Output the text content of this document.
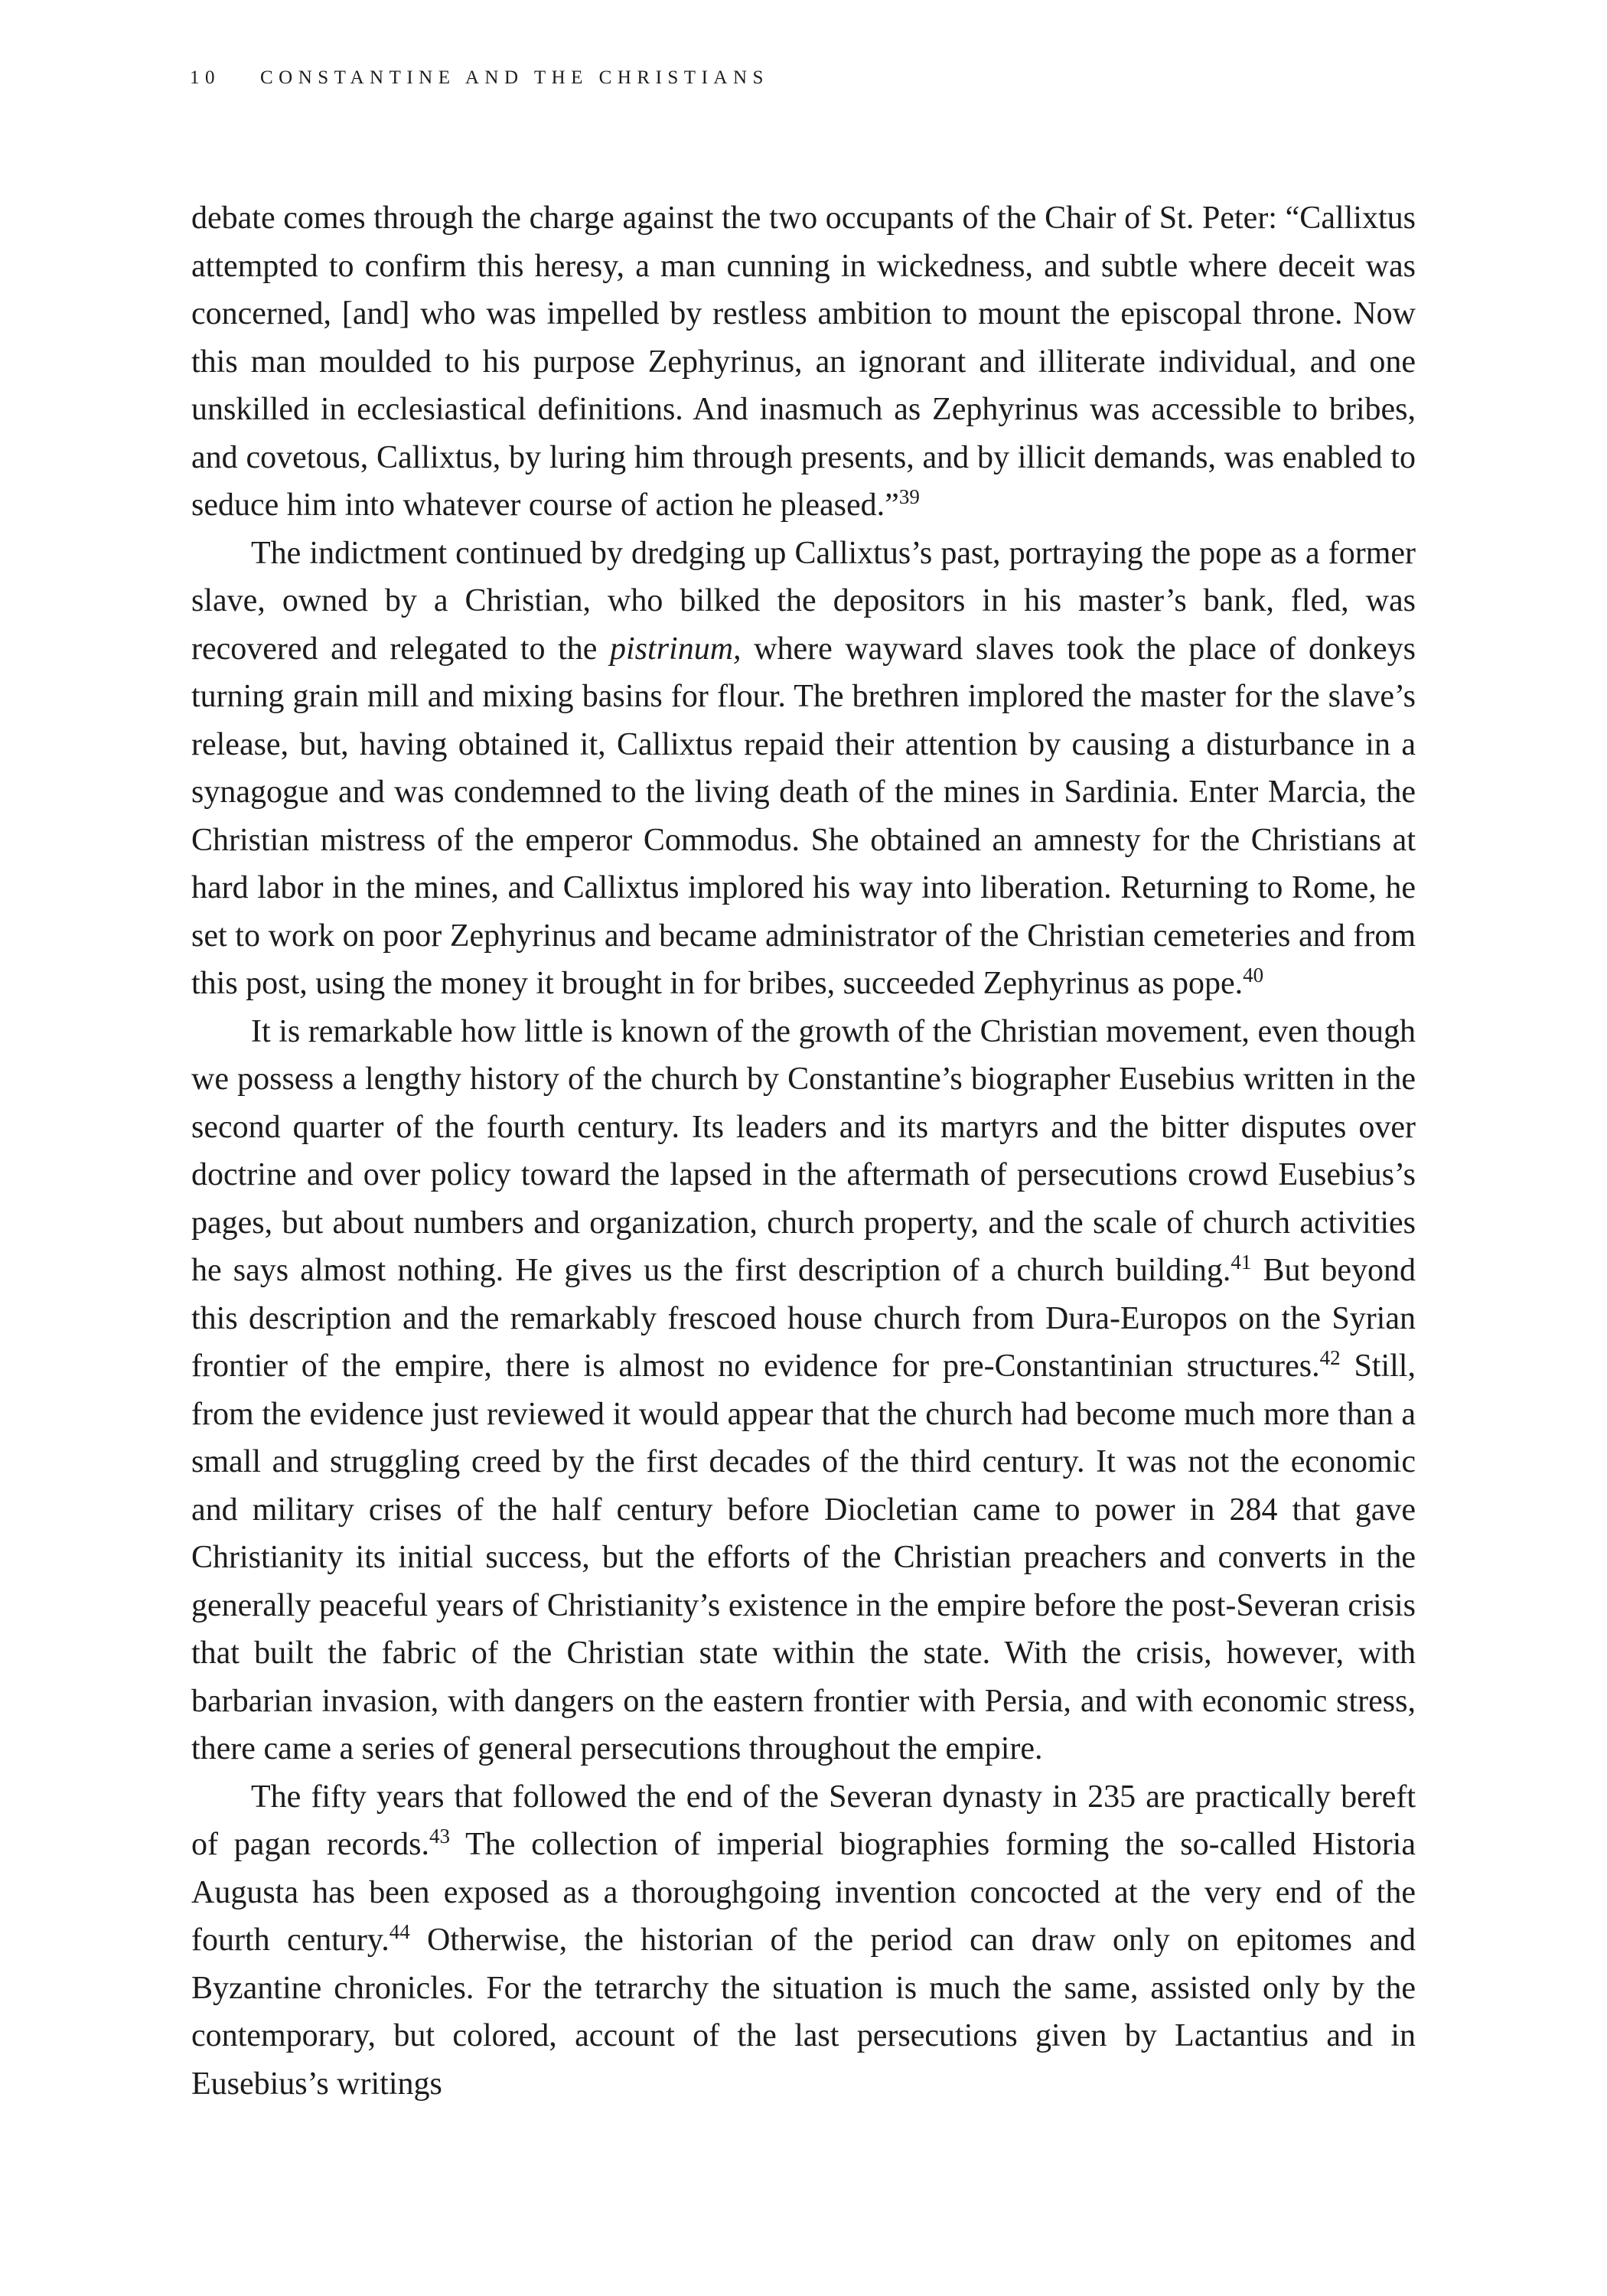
10 CONSTANTINE AND THE CHRISTIANS

debate comes through the charge against the two occupants of the Chair of St. Peter: “Callixtus attempted to confirm this heresy, a man cunning in wickedness, and subtle where deceit was concerned, [and] who was impelled by restless ambition to mount the episcopal throne. Now this man moulded to his purpose Zephyrinus, an ignorant and illiterate individual, and one unskilled in ecclesiastical definitions. And inasmuch as Zephyrinus was accessible to bribes, and covetous, Callixtus, by luring him through presents, and by illicit demands, was enabled to seduce him into whatever course of action he pleased.”$^{39}$

The indictment continued by dredging up Callixtus’s past, portraying the pope as a former slave, owned by a Christian, who bilked the depositors in his master’s bank, fled, was recovered and relegated to the pistrinum, where wayward slaves took the place of donkeys turning grain mill and mixing basins for flour. The brethren implored the master for the slave’s release, but, having obtained it, Callixtus repaid their attention by causing a disturbance in a synagogue and was condemned to the living death of the mines in Sardinia. Enter Marcia, the Christian mistress of the emperor Commodus. She obtained an amnesty for the Christians at hard labor in the mines, and Callixtus implored his way into liberation. Returning to Rome, he set to work on poor Zephyrinus and became administrator of the Christian cemeteries and from this post, using the money it brought in for bribes, succeeded Zephyrinus as pope.$^{40}$

It is remarkable how little is known of the growth of the Christian movement, even though we possess a lengthy history of the church by Constantine’s biographer Eusebius written in the second quarter of the fourth century. Its leaders and its martyrs and the bitter disputes over doctrine and over policy toward the lapsed in the aftermath of persecutions crowd Eusebius’s pages, but about numbers and organization, church property, and the scale of church activities he says almost nothing. He gives us the first description of a church building.$^{41}$ But beyond this description and the remarkably frescoed house church from Dura-Europos on the Syrian frontier of the empire, there is almost no evidence for pre-Constantinian structures.$^{42}$ Still, from the evidence just reviewed it would appear that the church had become much more than a small and struggling creed by the first decades of the third century. It was not the economic and military crises of the half century before Diocletian came to power in 284 that gave Christianity its initial success, but the efforts of the Christian preachers and converts in the generally peaceful years of Christianity’s existence in the empire before the post-Severan crisis that built the fabric of the Christian state within the state. With the crisis, however, with barbarian invasion, with dangers on the eastern frontier with Persia, and with economic stress, there came a series of general persecutions throughout the empire.

The fifty years that followed the end of the Severan dynasty in 235 are practically bereft of pagan records.$^{43}$ The collection of imperial biographies forming the so-called Historia Augusta has been exposed as a thoroughgoing invention concocted at the very end of the fourth century.$^{44}$ Otherwise, the historian of the period can draw only on epitomes and Byzantine chronicles. For the tetrarchy the situation is much the same, assisted only by the contemporary, but colored, account of the last persecutions given by Lactantius and in Eusebius’s writings
